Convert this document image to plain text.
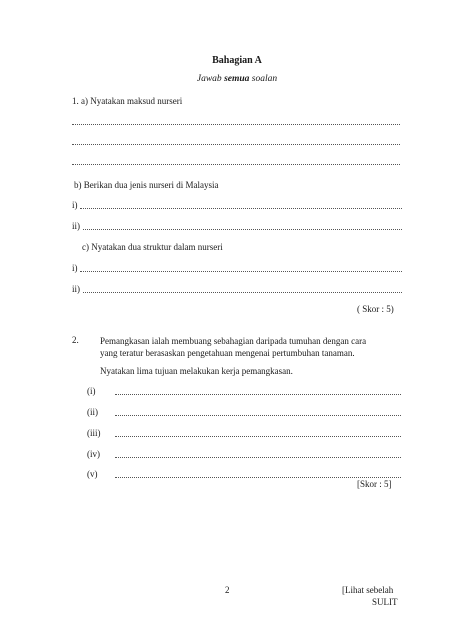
Bahagian A
Jawab semua soalan
1. a) Nyatakan maksud nurseri
b) Berikan dua jenis nurseri di Malaysia
i)
ii)
c) Nyatakan dua struktur dalam nurseri
i)
ii)
( Skor : 5)
2. Pemangkasan ialah membuang sebahagian daripada tumuhan dengan cara
yang teratur berasaskan pengetahuan mengenai pertumbuhan tanaman.
Nyatakan lima tujuan melakukan kerja pemangkasan.
(i)
(ii)
(iii)
(iv)
(v)
[Skor : 5]
2	[Lihat sebelah
SULIT
